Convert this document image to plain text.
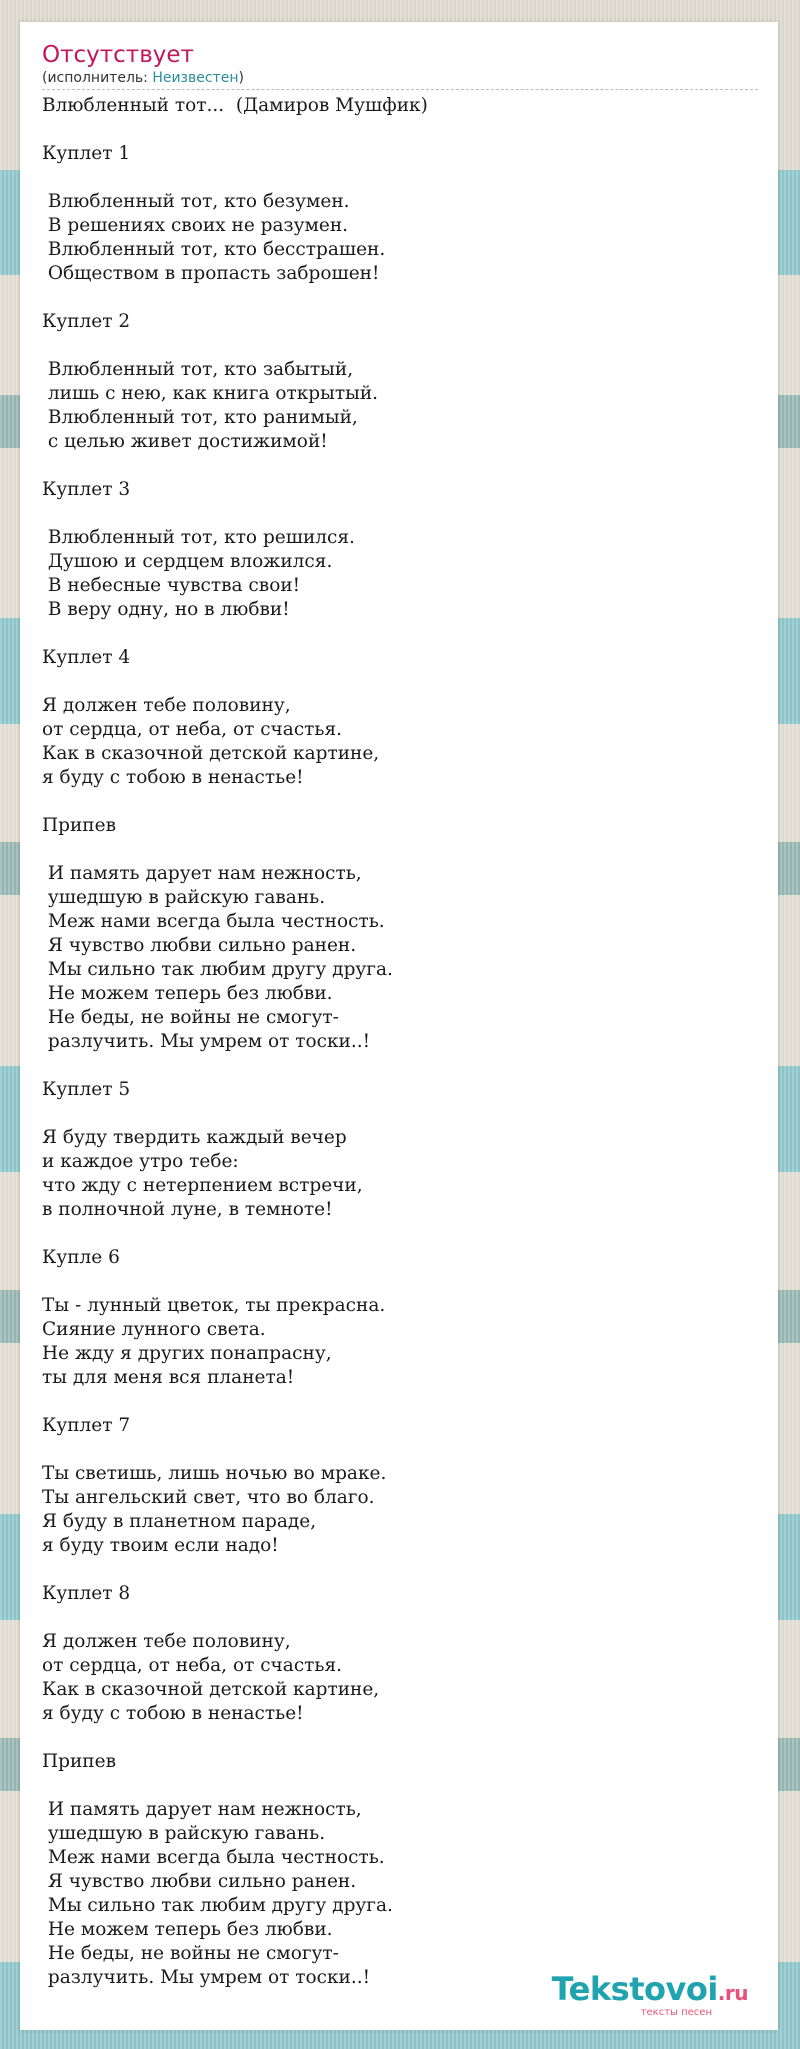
Отсутствует
(исполнитель: Неизвестен)
Влюбленный тот...  (Дамиров Мушфик)

Куплет 1

Влюбленный тот, кто безумен.
В решениях своих не разумен.
Влюбленный тот, кто бесстрашен.
Обществом в пропасть заброшен!

Куплет 2

Влюбленный тот, кто забытый,
лишь с нею, как книга открытый.
Влюбленный тот, кто ранимый,
с целью живет достижимой!

Куплет 3

Влюбленный тот, кто решился.
Душою и сердцем вложился.
В небесные чувства свои!
В веру одну, но в любви!

Куплет 4

Я должен тебе половину,
от сердца, от неба, от счастья.
Как в сказочной детской картине,
я буду с тобою в ненастье!

Припев

И память дарует нам нежность,
ушедшую в райскую гавань.
Меж нами всегда была честность.
Я чувство любви сильно ранен.
Мы сильно так любим другу друга.
Не можем теперь без любви.
Не беды, не войны не смогут-
разлучить. Мы умрем от тоски..!

Куплет 5

Я буду твердить каждый вечер
и каждое утро тебе:
что жду с нетерпением встречи,
в полночной луне, в темноте!

Купле 6

Ты - лунный цветок, ты прекрасна.
Сияние лунного света.
Не жду я других понапрасну,
ты для меня вся планета!

Куплет 7

Ты светишь, лишь ночью во мраке.
Ты ангельский свет, что во благо.
Я буду в планетном параде,
я буду твоим если надо!

Куплет 8

Я должен тебе половину,
от сердца, от неба, от счастья.
Как в сказочной детской картине,
я буду с тобою в ненастье!

Припев

И память дарует нам нежность,
ушедшую в райскую гавань.
Меж нами всегда была честность.
Я чувство любви сильно ранен.
Мы сильно так любим другу друга.
Не можем теперь без любви.
Не беды, не войны не смогут-
разлучить. Мы умрем от тоски..!	Tekstovoi.ru
тексты песен
